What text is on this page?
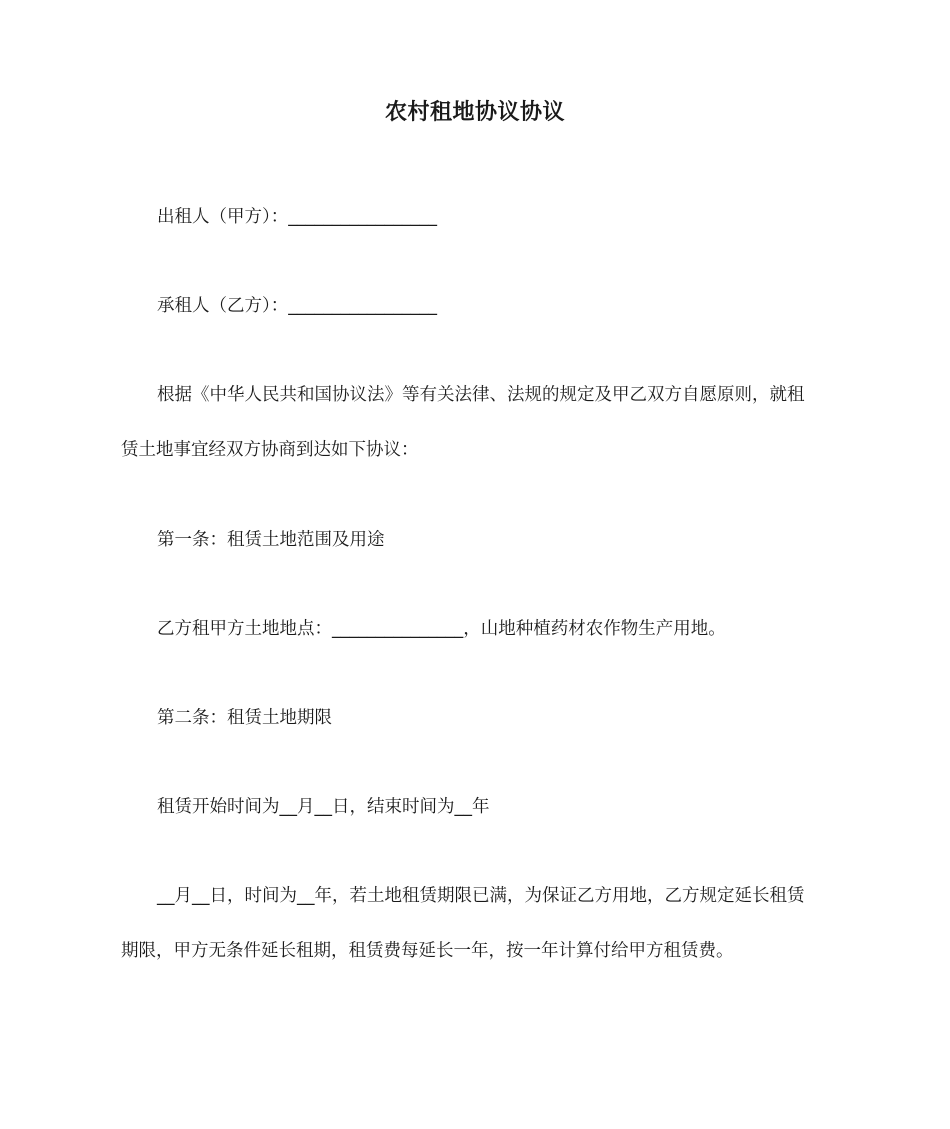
农村租地协议协议
出租人（甲方）：_________________
承租人（乙方）：_________________
根据《中华人民共和国协议法》等有关法律、法规的规定及甲乙双方自愿原则，就租
赁土地事宜经双方协商到达如下协议：
第一条：租赁土地范围及用途
乙方租甲方土地地点：_______________，山地种植药材农作物生产用地。
第二条：租赁土地期限
租赁开始时间为__月__日，结束时间为__年
__月__日，时间为__年，若土地租赁期限已满，为保证乙方用地，乙方规定延长租赁
期限，甲方无条件延长租期，租赁费每延长一年，按一年计算付给甲方租赁费。
